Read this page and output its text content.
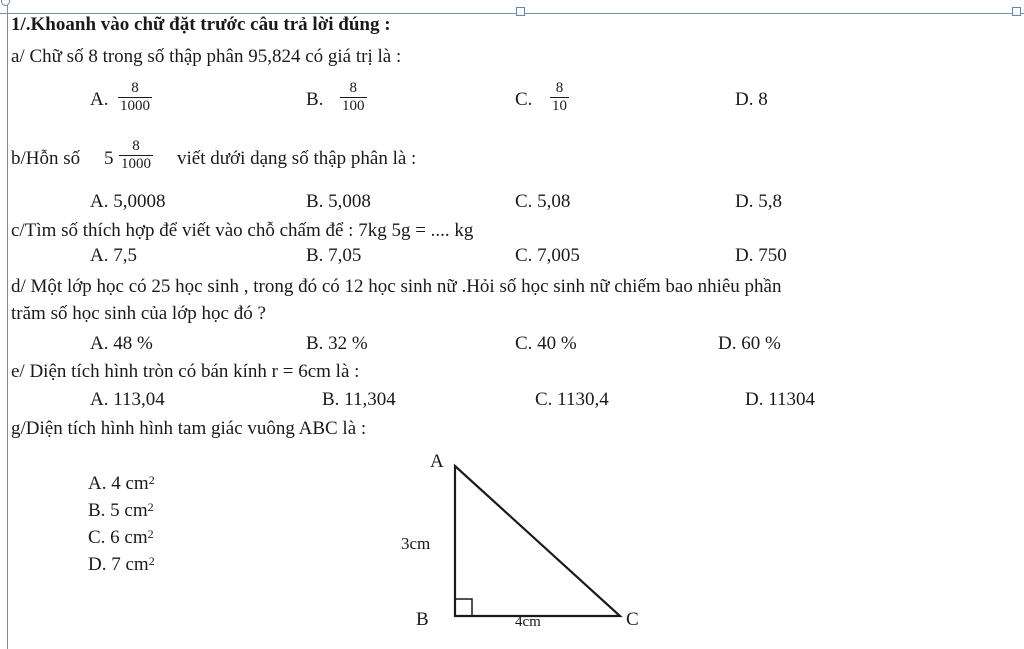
1/.Khoanh vào chữ đặt trước câu trả lời đúng :
a/ Chữ số 8 trong số thập phân 95,824 có giá trị là :
A. $\frac{8}{1000}$	B. $\frac{8}{100}$	C. $\frac{8}{10}$	D. 8
b/Hỗn số $5 \frac{8}{1000}$ viết dưới dạng số thập phân là :
A. 5,0008	B. 5,008	C. 5,08	D. 5,8
c/Tìm số thích hợp để viết vào chỗ chấm để : 7kg 5g = .... kg
A. 7,5	B. 7,05	C. 7,005	D. 750
d/ Một lớp học có 25 học sinh , trong đó có 12 học sinh nữ .Hỏi số học sinh nữ chiếm bao nhiêu phần
trăm số học sinh của lớp học đó ?
A. 48 %	B. 32 %	C. 40 %	D. 60 %
e/ Diện tích hình tròn có bán kính r = 6cm là :
A. 113,04	B. 11,304	C. 1130,4	D. 11304
g/Diện tích hình hình tam giác vuông ABC là :
A. 4 $cm^2$
B. 5 $cm^2$
C. 6 $cm^2$
D. 7 $cm^2$
A
B	C
3cm
4cm
